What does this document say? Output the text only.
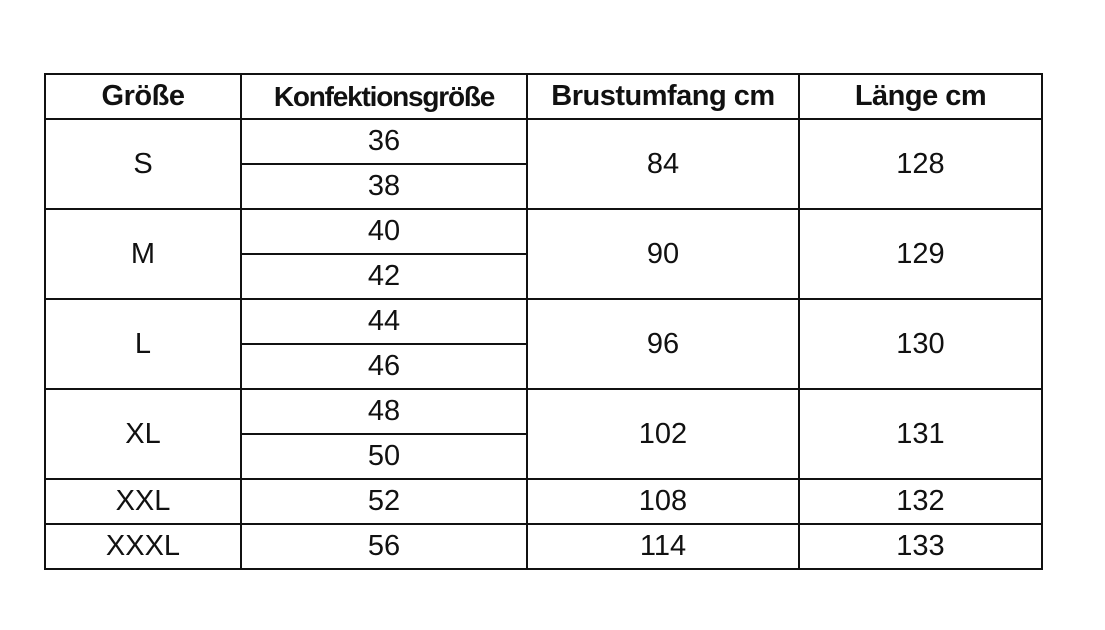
Größe	Konfektionsgröße	Brustumfang cm	Länge cm
S	36	84	128
	38		
M	40	90	129
	42		
L	44	96	130
	46		
XL	48	102	131
	50		
XXL	52	108	132
XXXL	56	114	133
